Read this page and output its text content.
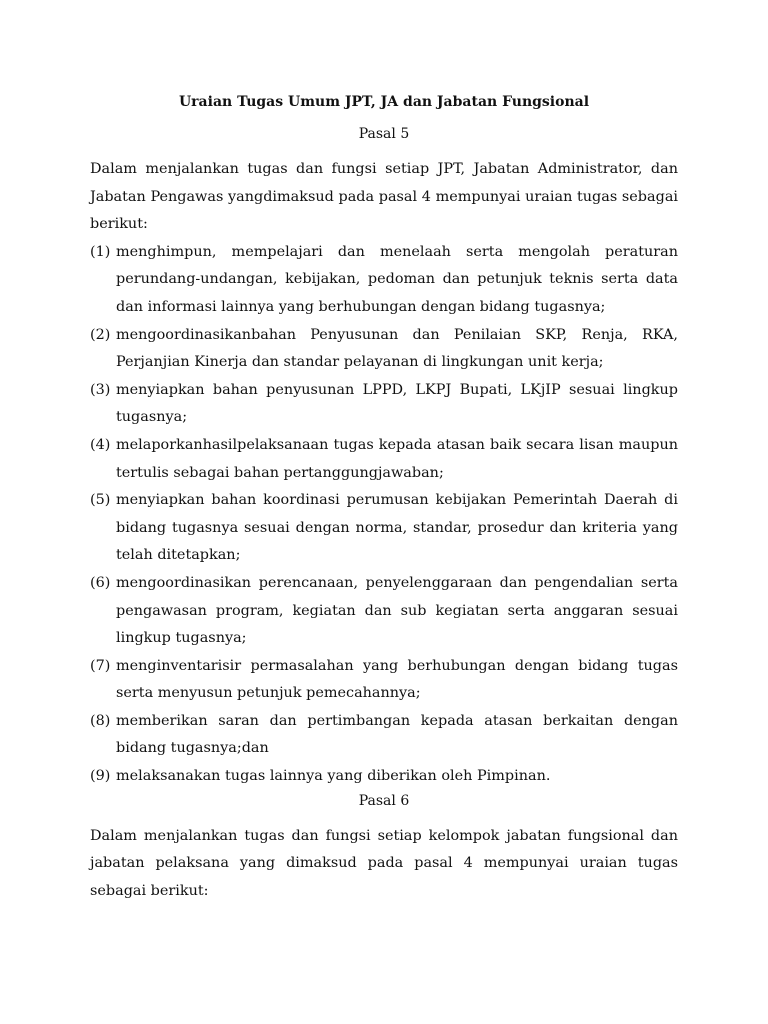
Uraian Tugas Umum JPT, JA dan Jabatan Fungsional

Pasal 5

Dalam menjalankan tugas dan fungsi setiap JPT, Jabatan Administrator, dan Jabatan Pengawas yangdimaksud pada pasal 4 mempunyai uraian tugas sebagai berikut:

(1) menghimpun, mempelajari dan menelaah serta mengolah peraturan perundang-undangan, kebijakan, pedoman dan petunjuk teknis serta data dan informasi lainnya yang berhubungan dengan bidang tugasnya;
(2) mengoordinasikanbahan Penyusunan dan Penilaian SKP, Renja, RKA, Perjanjian Kinerja dan standar pelayanan di lingkungan unit kerja;
(3) menyiapkan bahan penyusunan LPPD, LKPJ Bupati, LKjIP sesuai lingkup tugasnya;
(4) melaporkanhasilpelaksanaan tugas kepada atasan baik secara lisan maupun tertulis sebagai bahan pertanggungjawaban;
(5) menyiapkan bahan koordinasi perumusan kebijakan Pemerintah Daerah di bidang tugasnya sesuai dengan norma, standar, prosedur dan kriteria yang telah ditetapkan;
(6) mengoordinasikan perencanaan, penyelenggaraan dan pengendalian serta pengawasan program, kegiatan dan sub kegiatan serta anggaran sesuai lingkup tugasnya;
(7) menginventarisir permasalahan yang berhubungan dengan bidang tugas serta menyusun petunjuk pemecahannya;
(8) memberikan saran dan pertimbangan kepada atasan berkaitan dengan bidang tugasnya;dan
(9) melaksanakan tugas lainnya yang diberikan oleh Pimpinan.

Pasal 6

Dalam menjalankan tugas dan fungsi setiap kelompok jabatan fungsional dan jabatan pelaksana yang dimaksud pada pasal 4 mempunyai uraian tugas sebagai berikut:
